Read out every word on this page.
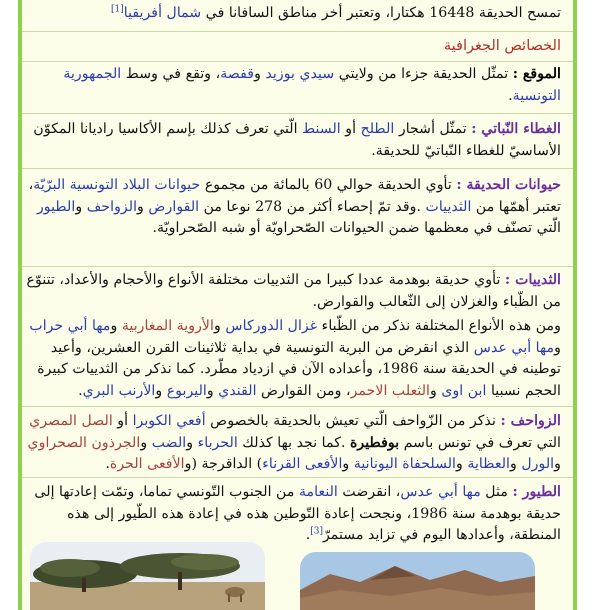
تمسح الحديقة 16448 هكتارا، وتعتبر أخر مناطق السافانا في شمال أفريقيا[1]
الخصائص الجغرافية
الموقع : تمثّل الحديقة جزءا من ولايتي سيدي بوزيد وقفصة، وتقع في وسط الجمهورية التونسية.
الغطاء النّباتي : تمثّل أشجار الطلح أو السنط الّتي تعرف كذلك بإسم الأكاسيا راديانا المكوّن الأساسيّ للغطاء النّباتيّ للحديقة.
حيوانات الحديقة : تأوي الحديقة حوالي 60 بالمائة من مجموع حيوانات البلاد التونسية البرّيّة، تعتبر أهمّها من الثدييات .وقد تمّ إحصاء أكثر من 278 نوعا من القوارض والزواحف والطيور الّتي تصنّف في معظمها ضمن الحيوانات الصّحراويّة أو شبه الصّحراويّة.
الثدييات : تأوي حديقة بوهدمة عددا كبيرا من الثدييات مختلفة الأنواع والأحجام والأعداد، تتنوّع من الظّباء والغزلان إلى الثّعالب والقوارض.
ومن هذه الأنواع المختلفة نذكر من الظّباء غزال الدوركاس والأروية المغاربية ومها أبي حراب ومها أبي عدس الذي انقرض من البرية التونسية في بداية ثلاثينات القرن العشرين، وأعيد توطينه في الحديقة سنة 1986، وأعداده الآن في ازدياد مطّرد. كما نذكر من الثدييات كبيرة الحجم نسبيا ابن اوى والثعلب الاحمر، ومن القوارض القندي واليربوع والأرنب البري.
الزواحف : نذكر من الزّواحف الّتي تعيش بالحديقة بالخصوص أفعي الكوبرا أو الصل المصري التي تعرف في تونس باسم بوفطيرة .كما نجد بها كذلك الحرباء والضب والجرذون الصحراوي والورل والعظاية والسلحفاة اليونانية والأفعى القرناء) الداقرجة (والأفعى الحرة.
الطيور : مثل مها أبي عدس، انقرضت النعامة من الجنوب التّونسي تماما، وتمّت إعادتها إلى حديقة بوهدمة سنة 1986، ونجحت إعادة التّوطين هذه في إعادة هذه الطّيور إلى هذه المنطقة، وأعدادها اليوم في تزايد مستمرّ[3].
